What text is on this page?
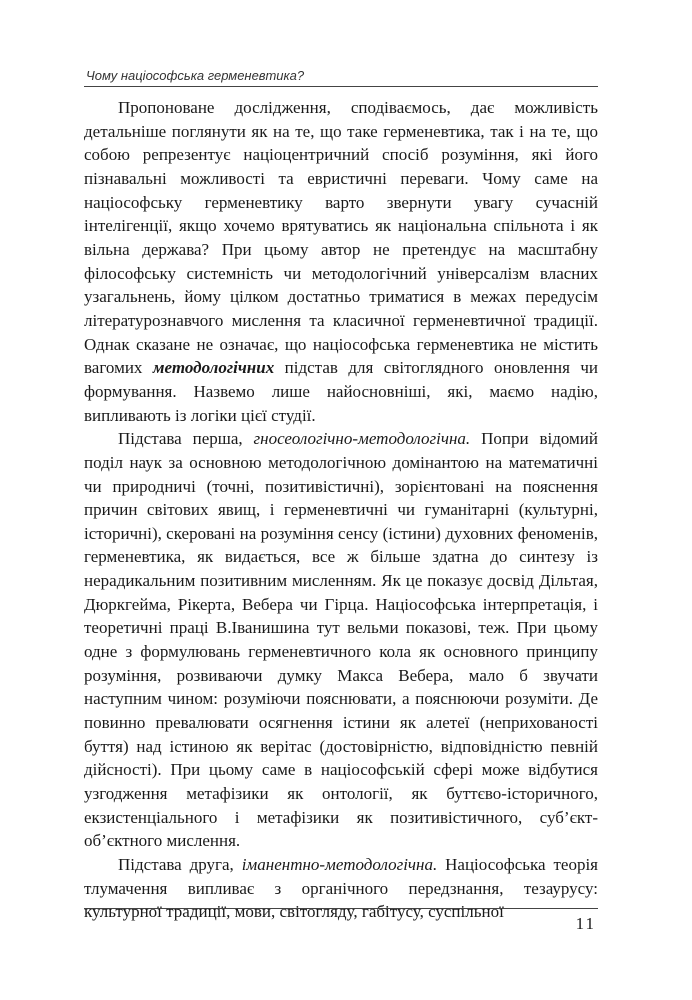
Чому націософська герменевтика?

Пропоноване дослідження, сподіваємось, дає можливість детальніше поглянути як на те, що таке герменевтика, так і на те, що собою репрезентує націоцентричний спосіб розуміння, які його пізнавальні можливості та евристичні переваги. Чому саме на націософську герменевтику варто звернути увагу сучасній інтелігенції, якщо хочемо врятуватись як національна спільнота і як вільна держава? При цьому автор не претендує на масштабну філософську системність чи методологічний універсалізм власних узагальнень, йому цілком достатньо триматися в межах передусім літературознавчого мислення та класичної герменевтичної традиції. Однак сказане не означає, що націософська герменевтика не містить вагомих методологічних підстав для світоглядного оновлення чи формування. Назвемо лише найосновніші, які, маємо надію, випливають із логіки цієї студії.

Підстава перша, гносеологічно-методологічна. Попри відомий поділ наук за основною методологічною домінантою на математичні чи природничі (точні, позитивістичні), зорієнтовані на пояснення причин світових явищ, і герменевтичні чи гуманітарні (культурні, історичні), скеровані на розуміння сенсу (істини) духовних феноменів, герменевтика, як видається, все ж більше здатна до синтезу із нерадикальним позитивним мисленням. Як це показує досвід Дільтая, Дюркгейма, Рікерта, Вебера чи Гірца. Націософська інтерпретація, і теоретичні праці В.Іванишина тут вельми показові, теж. При цьому одне з формулювань герменевтичного кола як основного принципу розуміння, розвиваючи думку Макса Вебера, мало б звучати наступним чином: розуміючи пояснювати, а пояснюючи розуміти. Де повинно превалювати осягнення істини як алетеї (неприхованості буття) над істиною як верітас (достовірністю, відповідністю певній дійсності). При цьому саме в націософській сфері може відбутися узгодження метафізики як онтології, як буттєво-історичного, екзистенціального і метафізики як позитивістичного, суб’єкт-об’єктного мислення.

Підстава друга, іманентно-методологічна. Націософська теорія тлумачення випливає з органічного передзнання, тезаурусу: культурної традиції, мови, світогляду, габітусу, суспільної

11
